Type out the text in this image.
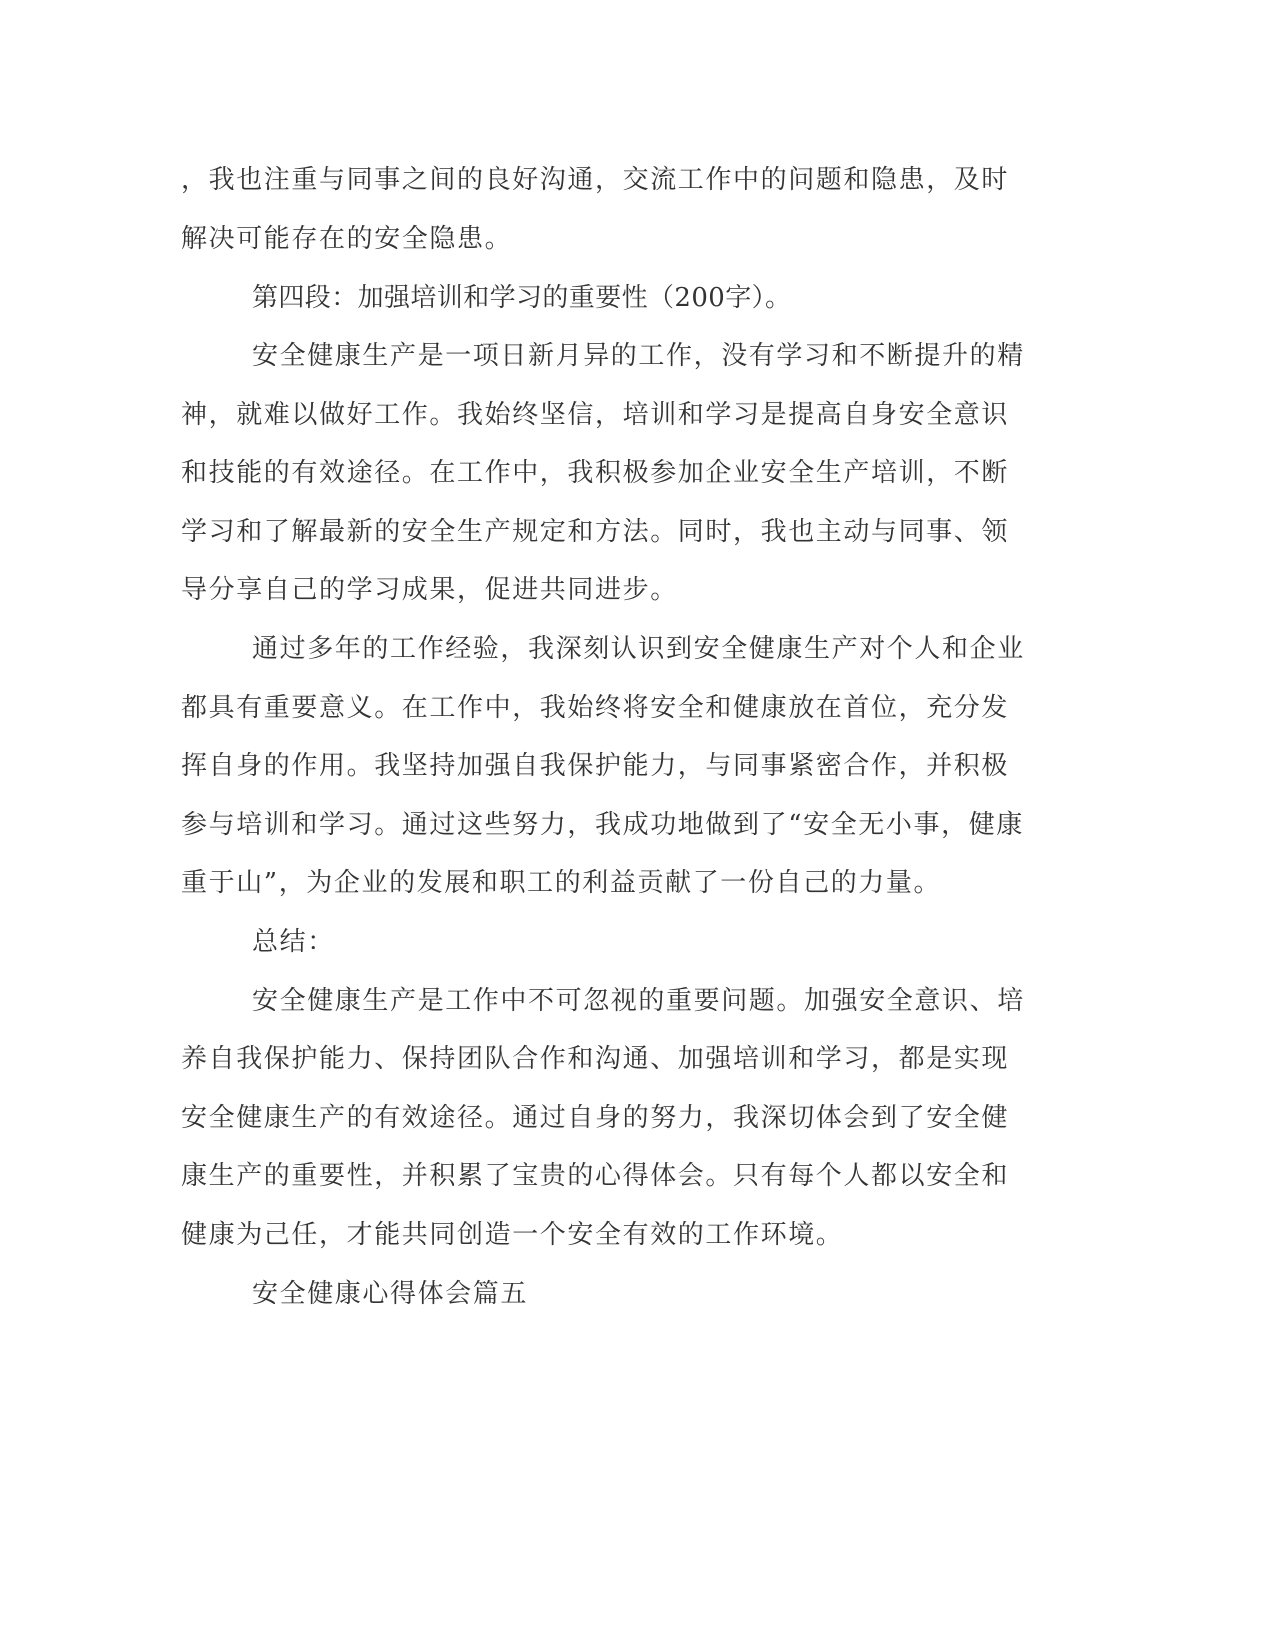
，我也注重与同事之间的良好沟通，交流工作中的问题和隐患，及时

解决可能存在的安全隐患。

第四段：加强培训和学习的重要性（200字）。

安全健康生产是一项日新月异的工作，没有学习和不断提升的精

神，就难以做好工作。我始终坚信，培训和学习是提高自身安全意识

和技能的有效途径。在工作中，我积极参加企业安全生产培训，不断

学习和了解最新的安全生产规定和方法。同时，我也主动与同事、领

导分享自己的学习成果，促进共同进步。

通过多年的工作经验，我深刻认识到安全健康生产对个人和企业

都具有重要意义。在工作中，我始终将安全和健康放在首位，充分发

挥自身的作用。我坚持加强自我保护能力，与同事紧密合作，并积极

参与培训和学习。通过这些努力，我成功地做到了“安全无小事，健康

重于山”，为企业的发展和职工的利益贡献了一份自己的力量。

总结：

安全健康生产是工作中不可忽视的重要问题。加强安全意识、培

养自我保护能力、保持团队合作和沟通、加强培训和学习，都是实现

安全健康生产的有效途径。通过自身的努力，我深切体会到了安全健

康生产的重要性，并积累了宝贵的心得体会。只有每个人都以安全和

健康为己任，才能共同创造一个安全有效的工作环境。

安全健康心得体会篇五
